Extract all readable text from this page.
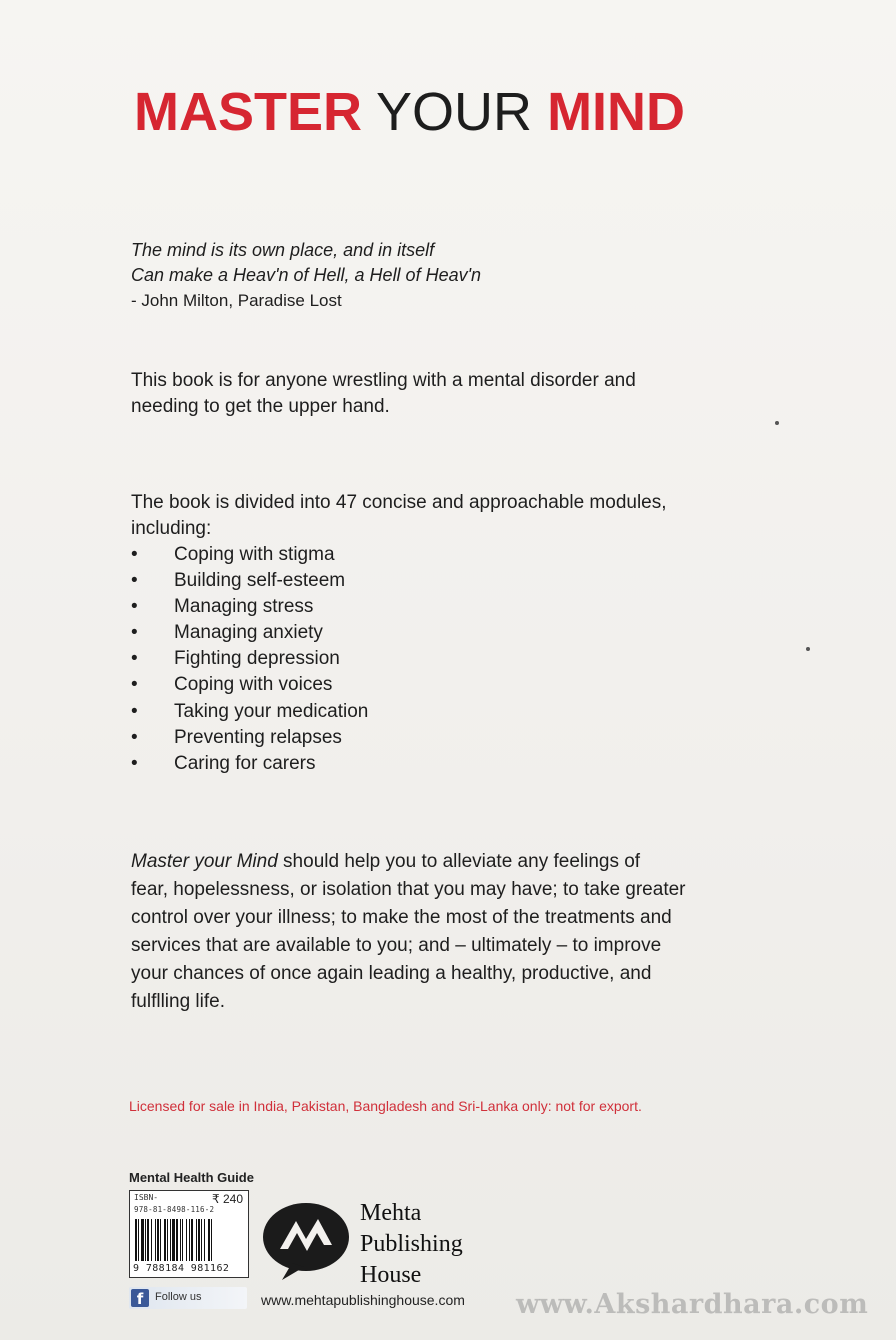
MASTER YOUR MIND
The mind is its own place, and in itself
Can make a Heav'n of Hell, a Hell of Heav'n
- John Milton, Paradise Lost
This book is for anyone wrestling with a mental disorder and
needing to get the upper hand.
The book is divided into 47 concise and approachable modules,
including:
• Coping with stigma
• Building self-esteem
• Managing stress
• Managing anxiety
• Fighting depression
• Coping with voices
• Taking your medication
• Preventing relapses
• Caring for carers
Master your Mind should help you to alleviate any feelings of
fear, hopelessness, or isolation that you may have; to take greater
control over your illness; to make the most of the treatments and
services that are available to you; and – ultimately – to improve
your chances of once again leading a healthy, productive, and
fulflling life.
Licensed for sale in India, Pakistan, Bangladesh and Sri-Lanka only: not for export.
Mental Health Guide
ISBN-	₹ 240
978-81-8498-116-2
9 788184 981162
f	Follow us
Mehta
Publishing
House
www.mehtapublishinghouse.com www.Akshardhara.com
